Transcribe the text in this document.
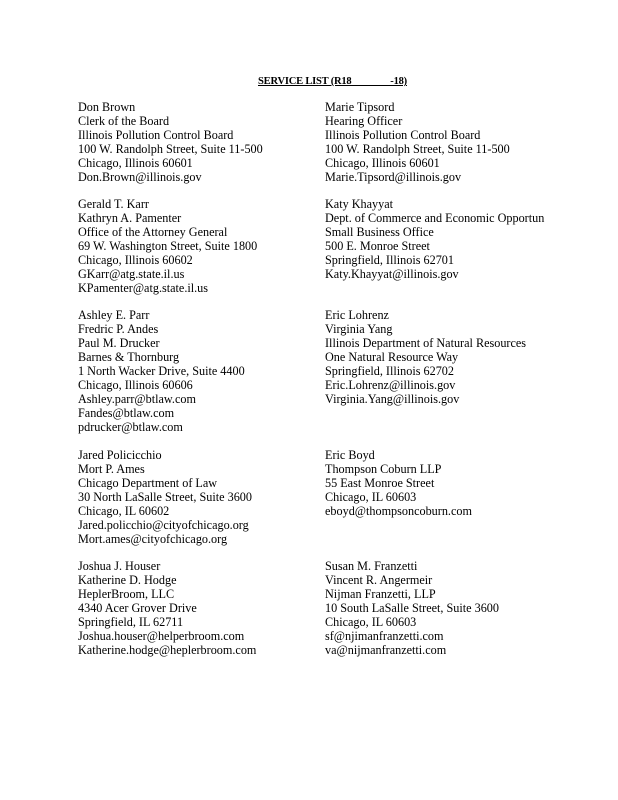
SERVICE LIST (R18                -18)
Don Brown
Clerk of the Board
Illinois Pollution Control Board
100 W. Randolph Street, Suite 11-500
Chicago, Illinois 60601
Don.Brown@illinois.gov
Marie Tipsord
Hearing Officer
Illinois Pollution Control Board
100 W. Randolph Street, Suite 11-500
Chicago, Illinois 60601
Marie.Tipsord@illinois.gov
Gerald T. Karr
Kathryn A. Pamenter
Office of the Attorney General
69 W. Washington Street, Suite 1800
Chicago, Illinois 60602
GKarr@atg.state.il.us
KPamenter@atg.state.il.us
Katy Khayyat
Dept. of Commerce and Economic Opportun
Small Business Office
500 E. Monroe Street
Springfield, Illinois 62701
Katy.Khayyat@illinois.gov
Ashley E. Parr
Fredric P. Andes
Paul M. Drucker
Barnes & Thornburg
1 North Wacker Drive, Suite 4400
Chicago, Illinois 60606
Ashley.parr@btlaw.com
Fandes@btlaw.com
pdrucker@btlaw.com
Eric Lohrenz
Virginia Yang
Illinois Department of Natural Resources
One Natural Resource Way
Springfield, Illinois 62702
Eric.Lohrenz@illinois.gov
Virginia.Yang@illinois.gov
Jared Policicchio
Mort P. Ames
Chicago Department of Law
30 North LaSalle Street, Suite 3600
Chicago, IL 60602
Jared.policchio@cityofchicago.org
Mort.ames@cityofchicago.org
Eric Boyd
Thompson Coburn LLP
55 East Monroe Street
Chicago, IL 60603
eboyd@thompsoncoburn.com
Joshua J. Houser
Katherine D. Hodge
HeplerBroom, LLC
4340 Acer Grover Drive
Springfield, IL 62711
Joshua.houser@helperbroom.com
Katherine.hodge@heplerbroom.com
Susan M. Franzetti
Vincent R. Angermeir
Nijman Franzetti, LLP
10 South LaSalle Street, Suite 3600
Chicago, IL 60603
sf@njimanfranzetti.com
va@nijmanfranzetti.com
